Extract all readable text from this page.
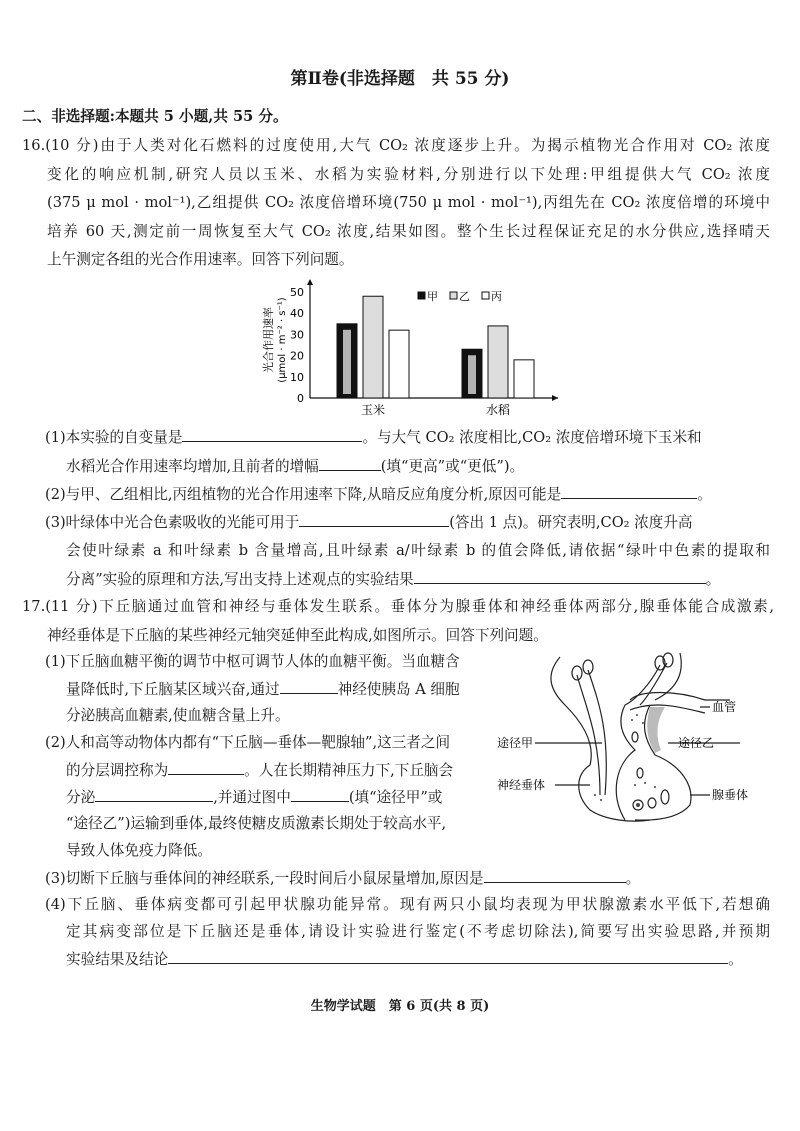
第Ⅱ卷(非选择题　共 55 分)
二、非选择题:本题共 5 小题,共 55 分。
16.(10 分)由于人类对化石燃料的过度使用,大气 CO₂ 浓度逐步上升。为揭示植物光合作用对 CO₂ 浓度
变化的响应机制,研究人员以玉米、水稻为实验材料,分别进行以下处理:甲组提供大气 CO₂ 浓度
(375 μ mol · mol⁻¹),乙组提供 CO₂ 浓度倍增环境(750 μ mol · mol⁻¹),丙组先在 CO₂ 浓度倍增的环境中
培养 60 天,测定前一周恢复至大气 CO₂ 浓度,结果如图。整个生长过程保证充足的水分供应,选择晴天
上午测定各组的光合作用速率。回答下列问题。
0
10
20
30
40
50
光合作用速率 (μmol · m⁻² · s⁻¹)
玉米	水稻
甲 乙 丙
(1)本实验的自变量是	。与大气 CO₂ 浓度相比,CO₂ 浓度倍增环境下玉米和
水稻光合作用速率均增加,且前者的增幅	(填“更高”或“更低”)。
(2)与甲、乙组相比,丙组植物的光合作用速率下降,从暗反应角度分析,原因可能是	。
(3)叶绿体中光合色素吸收的光能可用于	(答出 1 点)。研究表明,CO₂ 浓度升高
会使叶绿素 a 和叶绿素 b 含量增高,且叶绿素 a/叶绿素 b 的值会降低,请依据“绿叶中色素的提取和
分离”实验的原理和方法,写出支持上述观点的实验结果	。
17.(11 分)下丘脑通过血管和神经与垂体发生联系。垂体分为腺垂体和神经垂体两部分,腺垂体能合成激素,
神经垂体是下丘脑的某些神经元轴突延伸至此构成,如图所示。回答下列问题。
(1)下丘脑血糖平衡的调节中枢可调节人体的血糖平衡。当血糖含
量降低时,下丘脑某区域兴奋,通过	神经使胰岛 A 细胞
分泌胰高血糖素,使血糖含量上升。
(2)人和高等动物体内都有“下丘脑—垂体—靶腺轴”,这三者之间
的分层调控称为	。人在长期精神压力下,下丘脑会
分泌	,并通过图中	(填“途径甲”或
“途径乙”)运输到垂体,最终使糖皮质激素长期处于较高水平,
导致人体免疫力降低。
(3)切断下丘脑与垂体间的神经联系,一段时间后小鼠尿量增加,原因是	。
(4)下丘脑、垂体病变都可引起甲状腺功能异常。现有两只小鼠均表现为甲状腺激素水平低下,若想确
定其病变部位是下丘脑还是垂体,请设计实验进行鉴定(不考虑切除法),简要写出实验思路,并预期
实验结果及结论	。
血管
途径甲	途径乙
神经垂体
腺垂体
生物学试题　第 6 页(共 8 页)
